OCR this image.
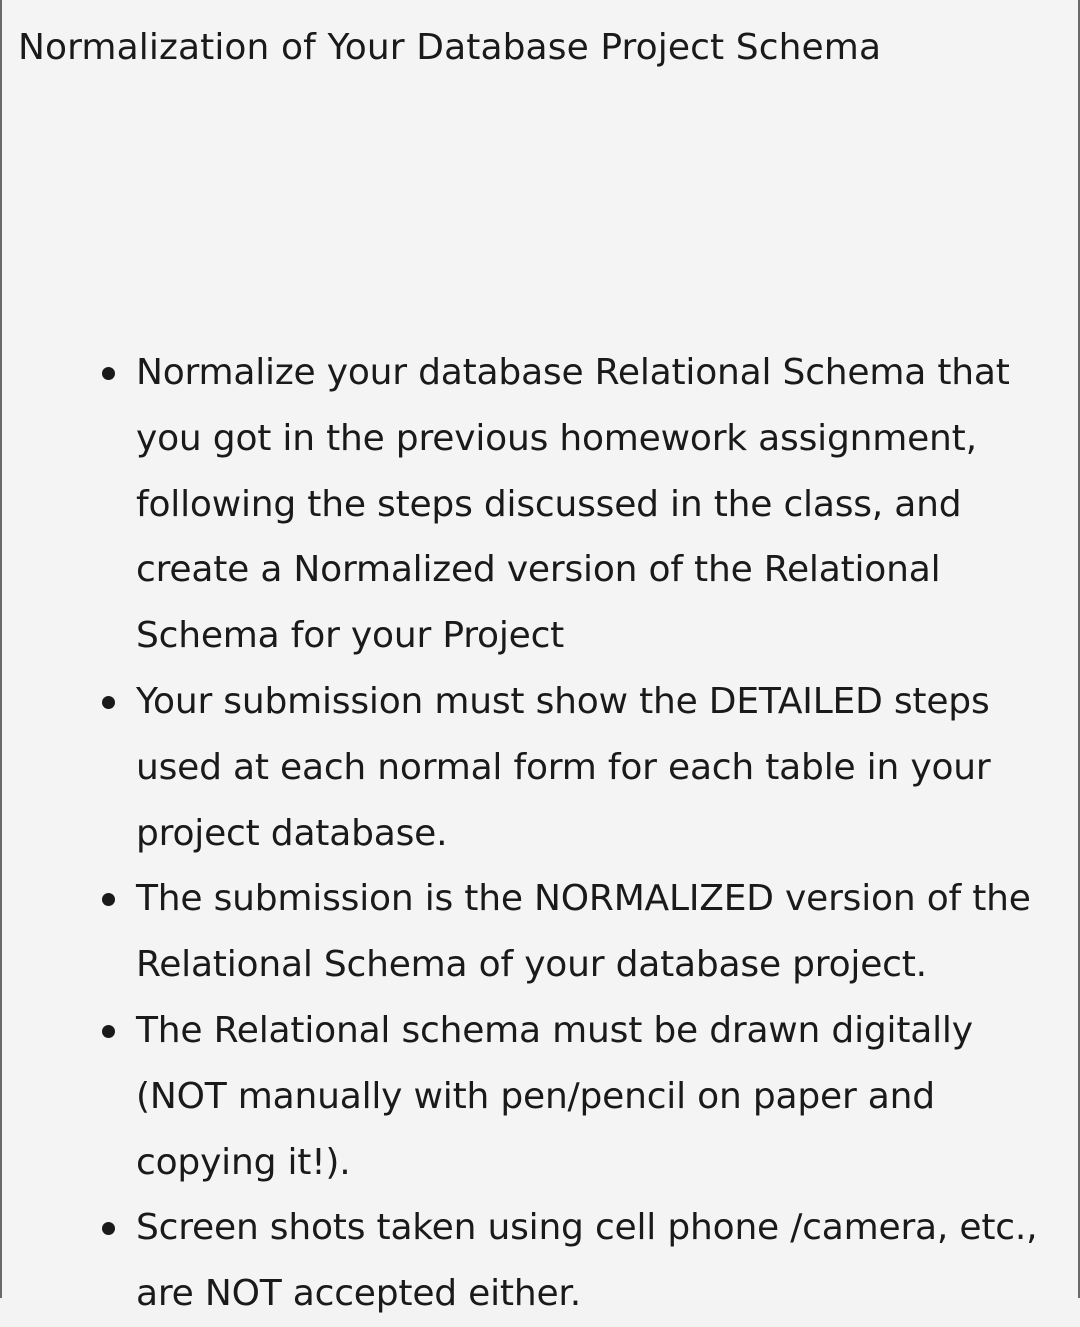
Normalization of Your Database Project Schema
Normalize your database Relational Schema that you got in the previous homework assignment, following the steps discussed in the class, and create a Normalized version of the Relational Schema for your Project
Your submission must show the DETAILED steps used at each normal form for each table in your project database.
The submission is the NORMALIZED version of the Relational Schema of your database project.
The Relational schema must be drawn digitally (NOT manually with pen/pencil on paper and copying it!).
Screen shots taken using cell phone /camera, etc., are NOT accepted either.
